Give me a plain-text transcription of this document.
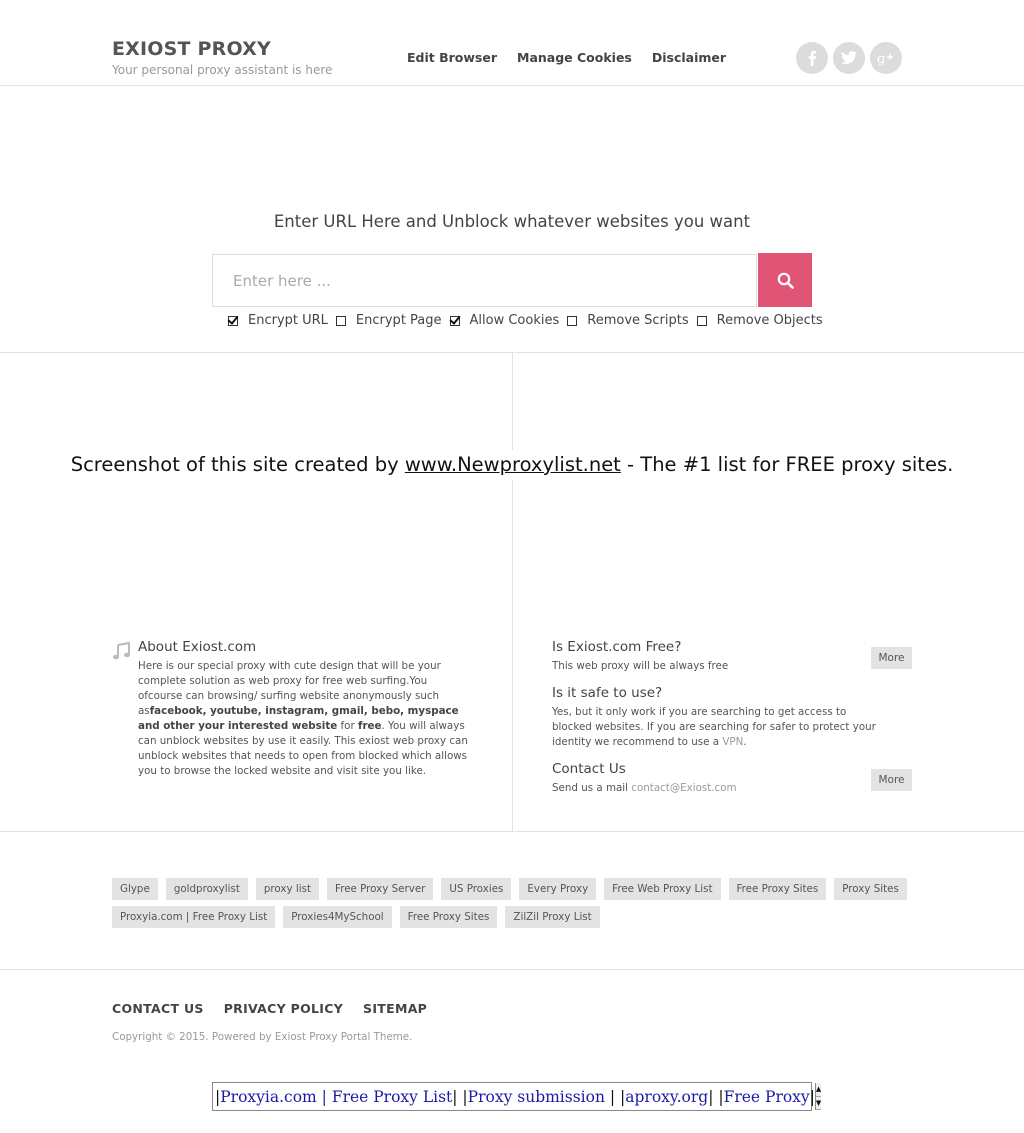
EXIOST PROXY
Your personal proxy assistant is here
Edit Browser Manage Cookies Disclaimer	g
Enter URL Here and Unblock whatever websites you want
Enter here ...
Encrypt URL Encrypt Page Allow Cookies Remove Scripts Remove Objects
Screenshot of this site created by www.Newproxylist.net - The #1 list for FREE proxy sites.
About Exiost.com
Here is our special proxy with cute design that will be your complete solution as web proxy for free web surfing.You ofcourse can browsing/ surfing website anonymously such asfacebook, youtube, instagram, gmail, bebo, myspace and other your interested website for free. You will always can unblock websites by use it easily. This exiost web proxy can unblock websites that needs to open from blocked which allows you to browse the locked website and visit site you like.
Is Exiost.com Free?
This web proxy will be always free
More
Is it safe to use?
Yes, but it only work if you are searching to get access to blocked websites. If you are searching for safer to protect your identity we recommend to use a VPN.
Contact Us
Send us a mail contact@Exiost.com
More
Glype	goldproxylist	proxy list	Free Proxy Server	US Proxies	Every Proxy	Free Web Proxy List	Free Proxy Sites	Proxy Sites
Proxyia.com | Free Proxy List	Proxies4MySchool	Free Proxy Sites	ZilZil Proxy List
CONTACT US PRIVACY POLICY SITEMAP
Copyright © 2015. Powered by Exiost Proxy Portal Theme.
|Proxyia.com | Free Proxy List| |Proxy submission | |aproxy.org| |Free Proxy| ▲
▼
